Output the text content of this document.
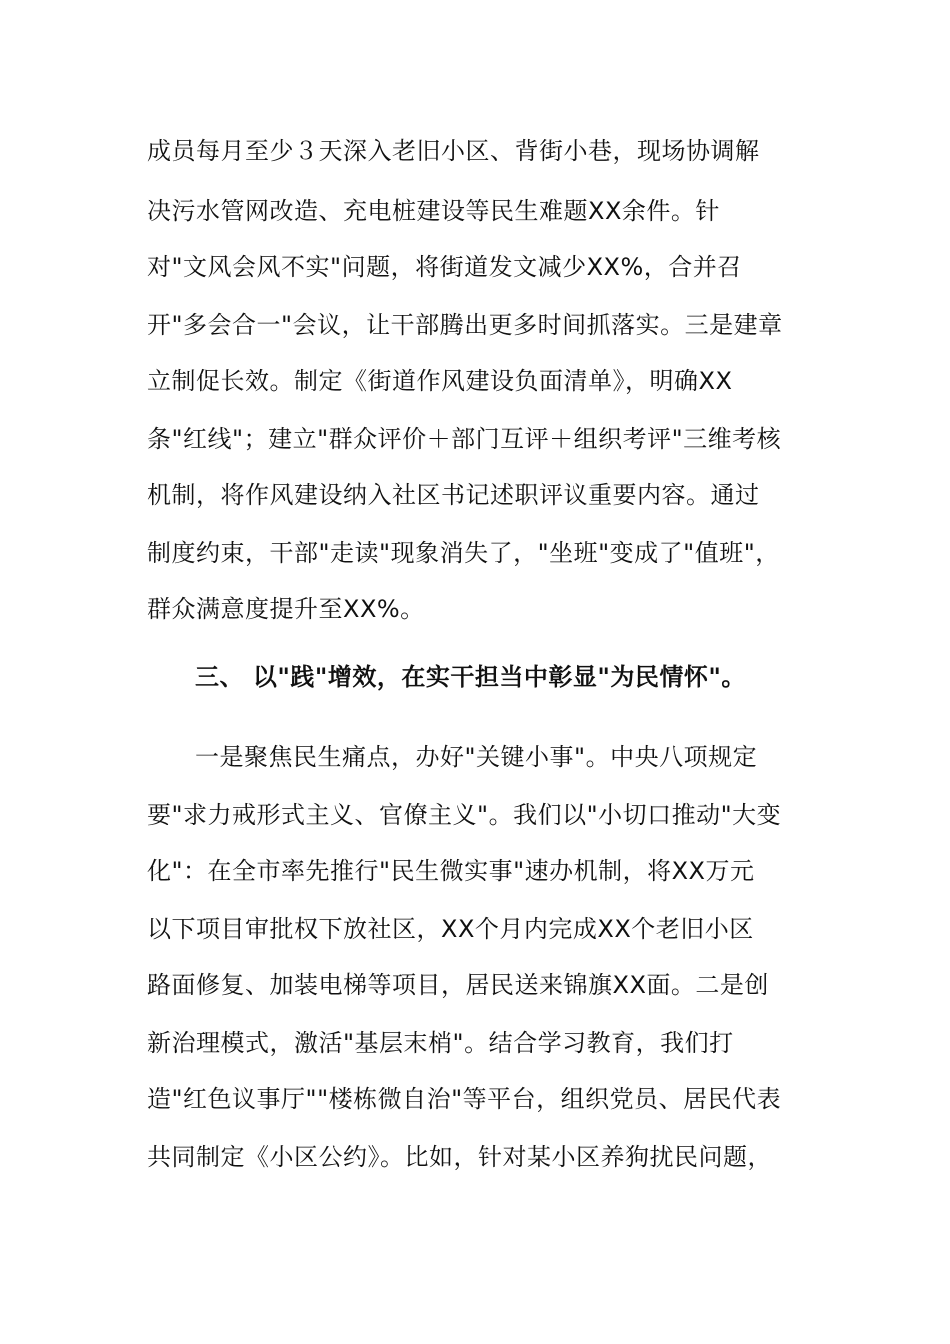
成员每月至少３天深入老旧小区、背街小巷，现场协调解
决污水管网改造、充电桩建设等民生难题XX余件。针
对"文风会风不实"问题，将街道发文减少XX%，合并召
开"多会合一"会议，让干部腾出更多时间抓落实。三是建章
立制促长效。制定《街道作风建设负面清单》，明确XX
条"红线"；建立"群众评价＋部门互评＋组织考评"三维考核
机制，将作风建设纳入社区书记述职评议重要内容。通过
制度约束，干部"走读"现象消失了，"坐班"变成了"值班"，
群众满意度提升至XX%。
三、 以"践"增效，在实干担当中彰显"为民情怀"。
一是聚焦民生痛点，办好"关键小事"。中央八项规定
要"求力戒形式主义、官僚主义"。我们以"小切口推动"大变
化"：在全市率先推行"民生微实事"速办机制，将XX万元
以下项目审批权下放社区，XX个月内完成XX个老旧小区
路面修复、加装电梯等项目，居民送来锦旗XX面。二是创
新治理模式，激活"基层末梢"。结合学习教育，我们打
造"红色议事厅""楼栋微自治"等平台，组织党员、居民代表
共同制定《小区公约》。比如，针对某小区养狗扰民问题，
